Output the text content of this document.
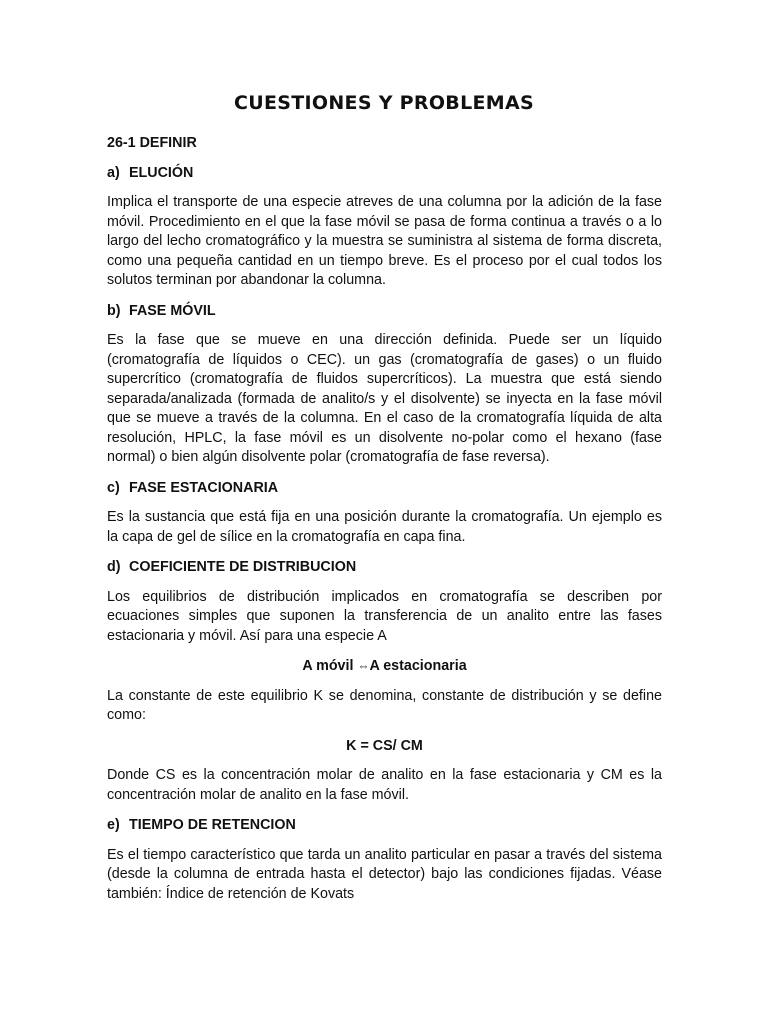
CUESTIONES Y PROBLEMAS

26-1 DEFINIR

a) ELUCIÓN

Implica el transporte de una especie atreves de una columna por la adición de la fase móvil. Procedimiento en el que la fase móvil se pasa de forma continua a través o a lo largo del lecho cromatográfico y la muestra se suministra al sistema de forma discreta, como una pequeña cantidad en un tiempo breve. Es el proceso por el cual todos los solutos terminan por abandonar la columna.

b) FASE MÓVIL

Es la fase que se mueve en una dirección definida. Puede ser un líquido (cromatografía de líquidos o CEC). un gas (cromatografía de gases) o un fluido supercrítico (cromatografía de fluidos supercríticos). La muestra que está siendo separada/analizada (formada de analito/s y el disolvente) se inyecta en la fase móvil que se mueve a través de la columna. En el caso de la cromatografía líquida de alta resolución, HPLC, la fase móvil es un disolvente no-polar como el hexano (fase normal) o bien algún disolvente polar (cromatografía de fase reversa).

c) FASE ESTACIONARIA

Es la sustancia que está fija en una posición durante la cromatografía. Un ejemplo es la capa de gel de sílice en la cromatografía en capa fina.

d) COEFICIENTE DE DISTRIBUCION

Los equilibrios de distribución implicados en cromatografía se describen por ecuaciones simples que suponen la transferencia de un analito entre las fases estacionaria y móvil. Así para una especie A

A móvil ⇔A estacionaria

La constante de este equilibrio K se denomina, constante de distribución y se define como:

K = CS/ CM

Donde CS es la concentración molar de analito en la fase estacionaria y CM es la concentración molar de analito en la fase móvil.

e) TIEMPO DE RETENCION

Es el tiempo característico que tarda un analito particular en pasar a través del sistema (desde la columna de entrada hasta el detector) bajo las condiciones fijadas. Véase también: Índice de retención de Kovats
